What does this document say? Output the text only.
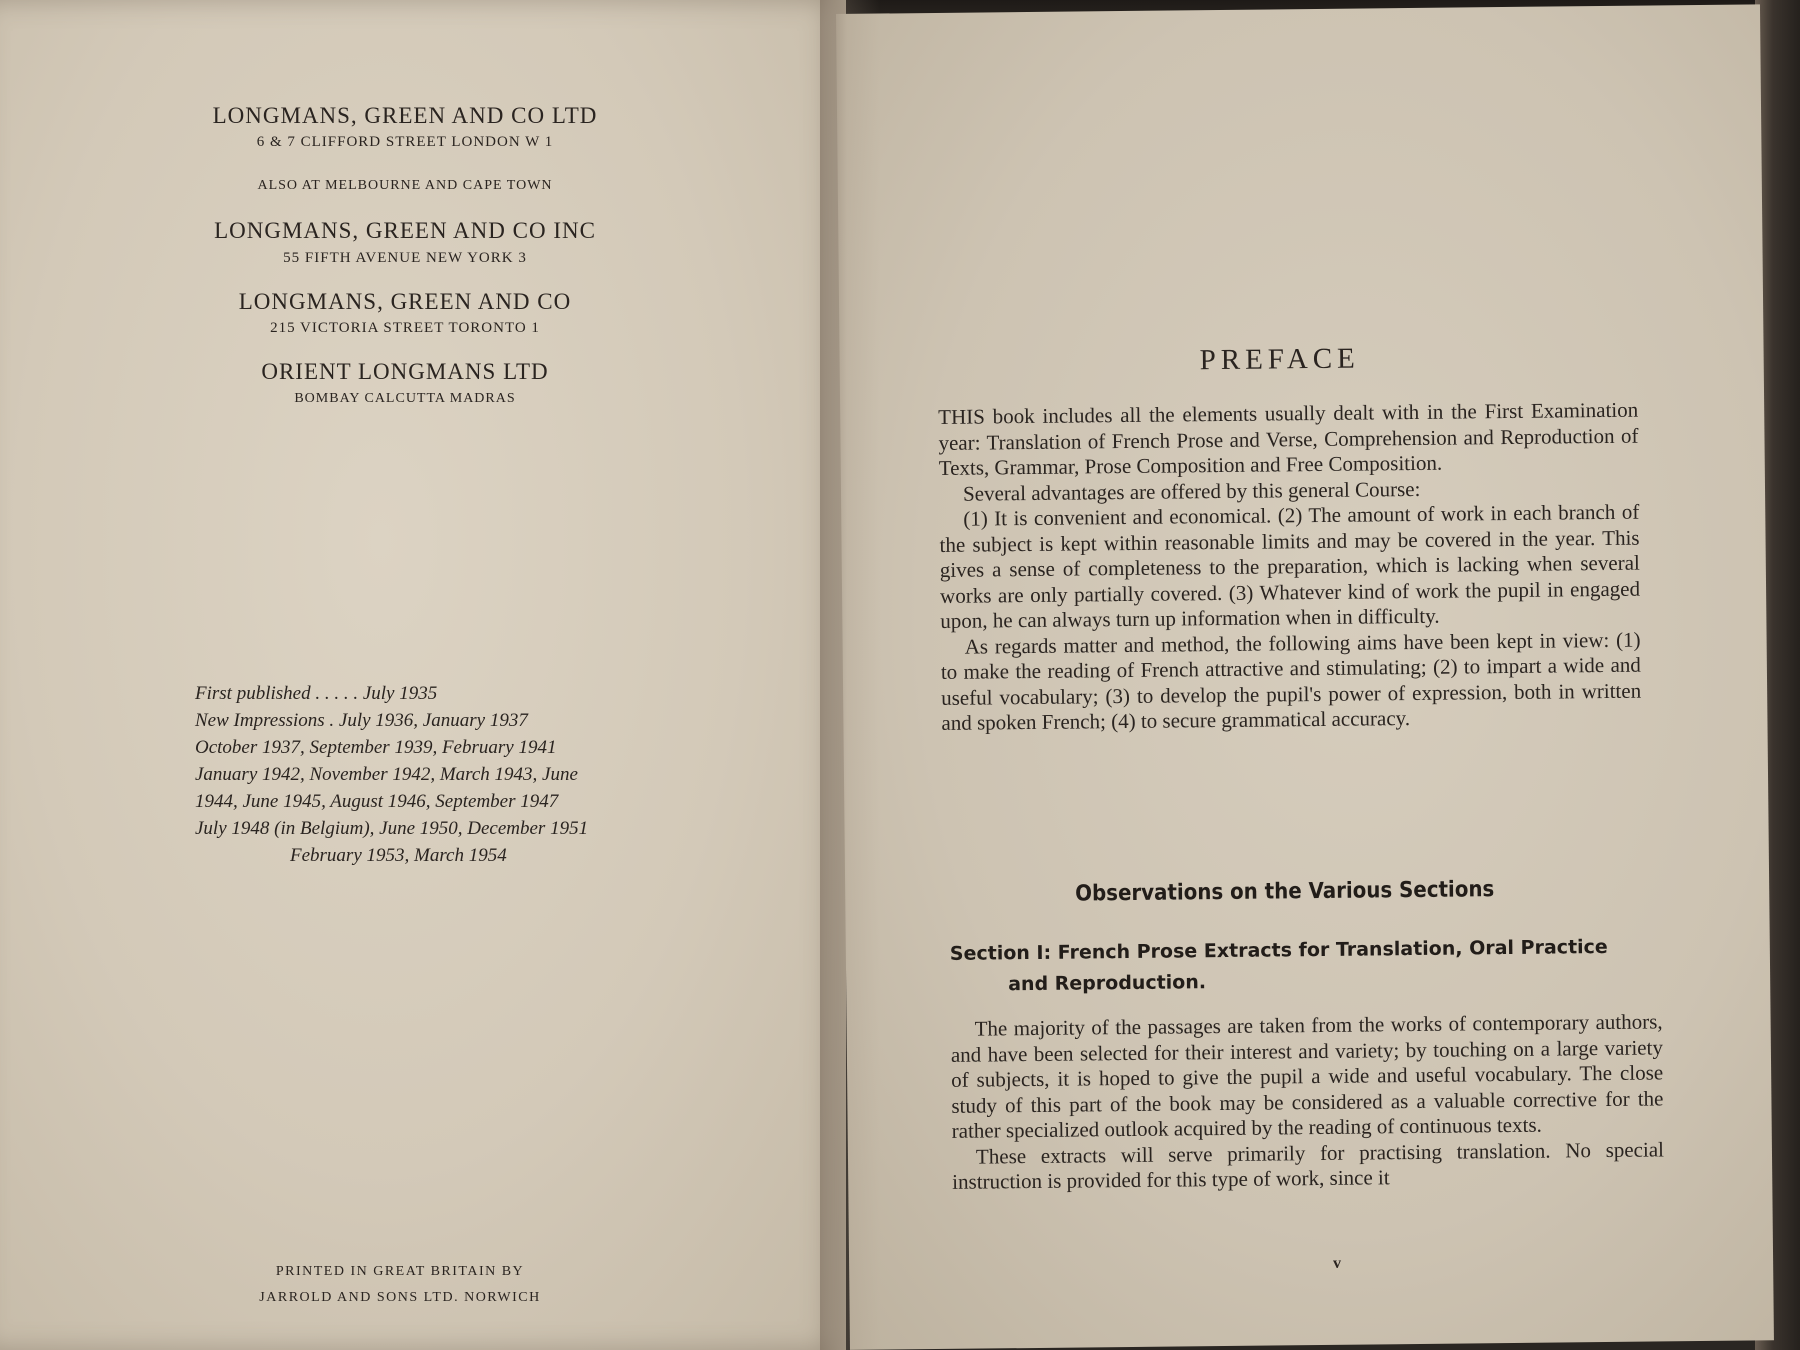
LONGMANS, GREEN AND CO LTD
6 & 7 CLIFFORD STREET LONDON W 1
ALSO AT MELBOURNE AND CAPE TOWN
LONGMANS, GREEN AND CO INC
55 FIFTH AVENUE NEW YORK 3
LONGMANS, GREEN AND CO
215 VICTORIA STREET TORONTO 1
ORIENT LONGMANS LTD
BOMBAY CALCUTTA MADRAS
First published . . . . . July 1935
New Impressions . July 1936, January 1937
October 1937, September 1939, February 1941
January 1942, November 1942, March 1943, June
1944, June 1945, August 1946, September 1947
July 1948 (in Belgium), June 1950, December 1951
February 1953, March 1954
PRINTED IN GREAT BRITAIN BY
JARROLD AND SONS LTD. NORWICH
PREFACE

THIS book includes all the elements usually dealt with in the First Examination year: Translation of French Prose and Verse, Comprehension and Reproduction of Texts, Grammar, Prose Composition and Free Composition.

Several advantages are offered by this general Course:

(1) It is convenient and economical. (2) The amount of work in each branch of the subject is kept within reasonable limits and may be covered in the year. This gives a sense of completeness to the preparation, which is lacking when several works are only partially covered. (3) Whatever kind of work the pupil in engaged upon, he can always turn up information when in difficulty.

As regards matter and method, the following aims have been kept in view: (1) to make the reading of French attractive and stimulating; (2) to impart a wide and useful vocabulary; (3) to develop the pupil's power of expression, both in written and spoken French; (4) to secure grammatical accuracy.

Observations on the Various Sections
Section I: French Prose Extracts for Translation, Oral Practice
and Reproduction.

The majority of the passages are taken from the works of contemporary authors, and have been selected for their interest and variety; by touching on a large variety of subjects, it is hoped to give the pupil a wide and useful vocabulary. The close study of this part of the book may be considered as a valuable corrective for the rather specialized outlook acquired by the reading of continuous texts.

These extracts will serve primarily for practising translation. No special instruction is provided for this type of work, since it

v
